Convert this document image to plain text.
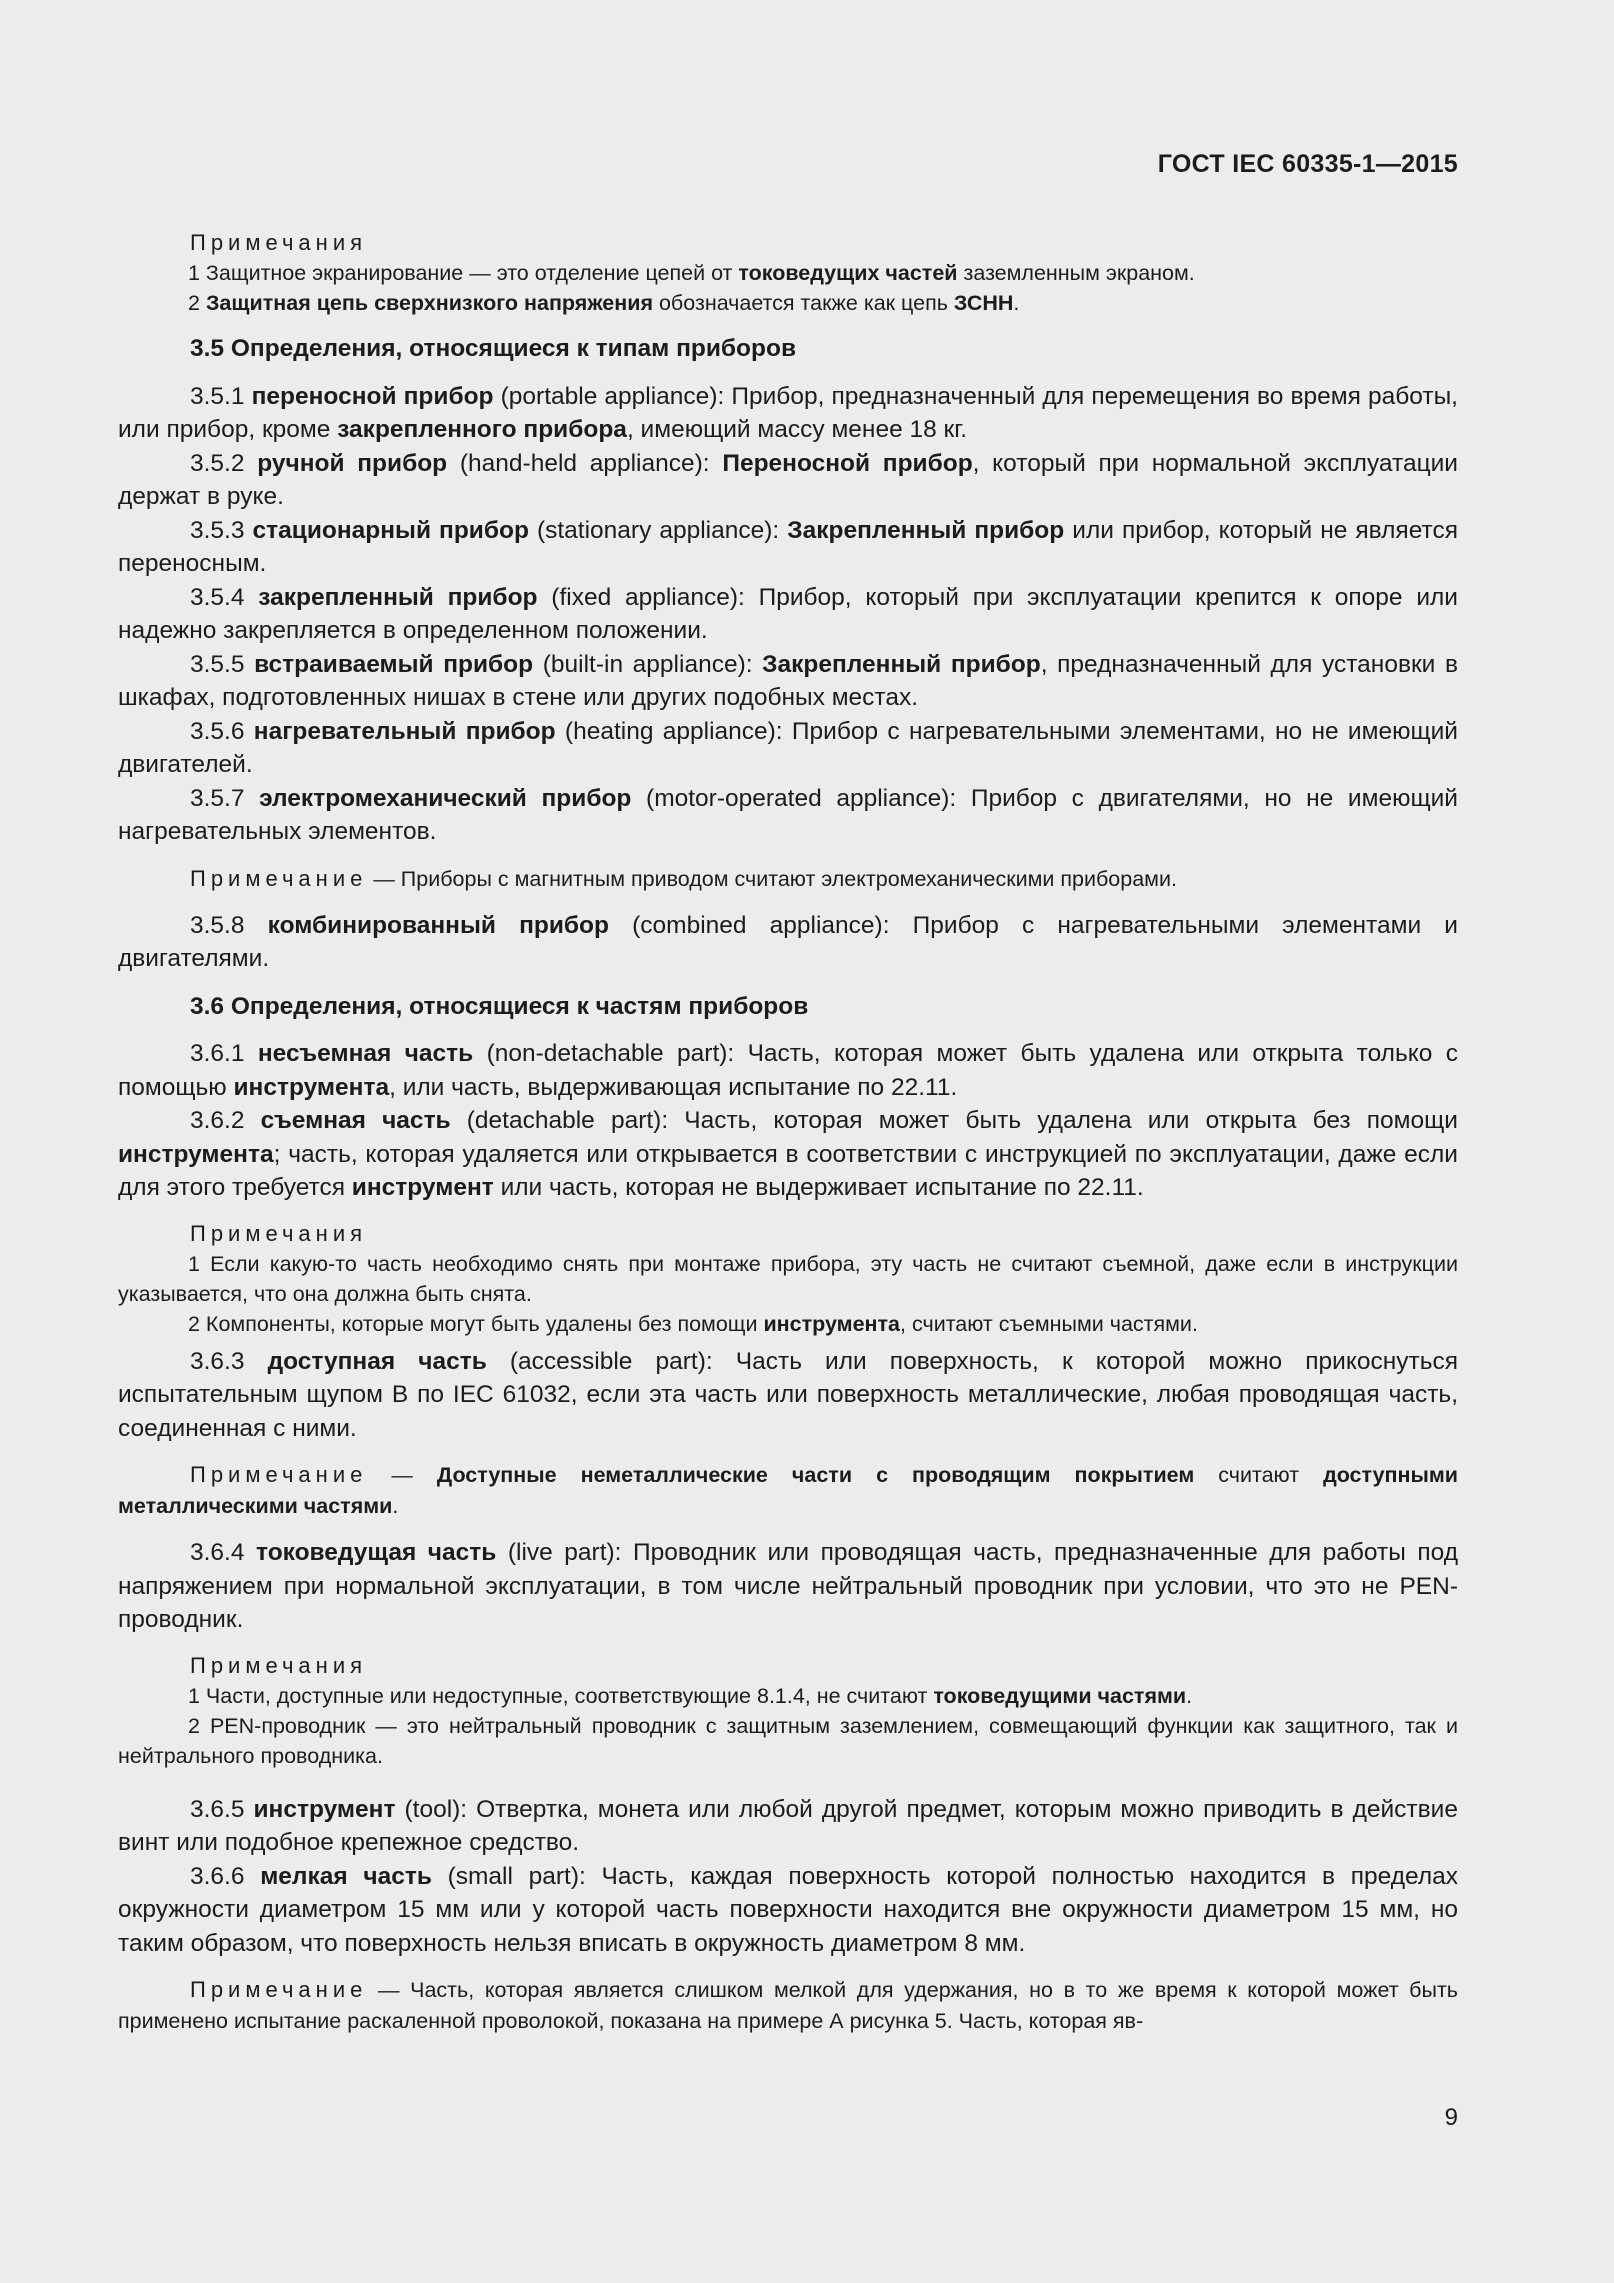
ГОСТ IEC 60335-1—2015

Примечания

1 Защитное экранирование — это отделение цепей от токоведущих частей заземленным экраном.

2 Защитная цепь сверхнизкого напряжения обозначается также как цепь ЗСНН.

3.5 Определения, относящиеся к типам приборов

3.5.1 переносной прибор (portable appliance): Прибор, предназначенный для перемещения во время работы, или прибор, кроме закрепленного прибора, имеющий массу менее 18 кг.

3.5.2 ручной прибор (hand-held appliance): Переносной прибор, который при нормальной эксплуатации держат в руке.

3.5.3 стационарный прибор (stationary appliance): Закрепленный прибор или прибор, который не является переносным.

3.5.4 закрепленный прибор (fixed appliance): Прибор, который при эксплуатации крепится к опоре или надежно закрепляется в определенном положении.

3.5.5 встраиваемый прибор (built-in appliance): Закрепленный прибор, предназначенный для установки в шкафах, подготовленных нишах в стене или других подобных местах.

3.5.6 нагревательный прибор (heating appliance): Прибор с нагревательными элементами, но не имеющий двигателей.

3.5.7 электромеханический прибор (motor-operated appliance): Прибор с двигателями, но не имеющий нагревательных элементов.

Примечание — Приборы с магнитным приводом считают электромеханическими приборами.

3.5.8 комбинированный прибор (combined appliance): Прибор с нагревательными элементами и двигателями.

3.6 Определения, относящиеся к частям приборов

3.6.1 несъемная часть (non-detachable part): Часть, которая может быть удалена или открыта только с помощью инструмента, или часть, выдерживающая испытание по 22.11.

3.6.2 съемная часть (detachable part): Часть, которая может быть удалена или открыта без помощи инструмента; часть, которая удаляется или открывается в соответствии с инструкцией по эксплуатации, даже если для этого требуется инструмент или часть, которая не выдерживает испытание по 22.11.

Примечания

1 Если какую-то часть необходимо снять при монтаже прибора, эту часть не считают съемной, даже если в инструкции указывается, что она должна быть снята.

2 Компоненты, которые могут быть удалены без помощи инструмента, считают съемными частями.

3.6.3 доступная часть (accessible part): Часть или поверхность, к которой можно прикоснуться испытательным щупом B по IEC 61032, если эта часть или поверхность металлические, любая проводящая часть, соединенная с ними.

Примечание — Доступные неметаллические части с проводящим покрытием считают доступными металлическими частями.

3.6.4 токоведущая часть (live part): Проводник или проводящая часть, предназначенные для работы под напряжением при нормальной эксплуатации, в том числе нейтральный проводник при условии, что это не PEN-проводник.

Примечания

1 Части, доступные или недоступные, соответствующие 8.1.4, не считают токоведущими частями.

2 PEN-проводник — это нейтральный проводник с защитным заземлением, совмещающий функции как защитного, так и нейтрального проводника.

3.6.5 инструмент (tool): Отвертка, монета или любой другой предмет, которым можно приводить в действие винт или подобное крепежное средство.

3.6.6 мелкая часть (small part): Часть, каждая поверхность которой полностью находится в пределах окружности диаметром 15 мм или у которой часть поверхности находится вне окружности диаметром 15 мм, но таким образом, что поверхность нельзя вписать в окружность диаметром 8 мм.

Примечание — Часть, которая является слишком мелкой для удержания, но в то же время к которой может быть применено испытание раскаленной проволокой, показана на примере А рисунка 5. Часть, которая яв-

9
